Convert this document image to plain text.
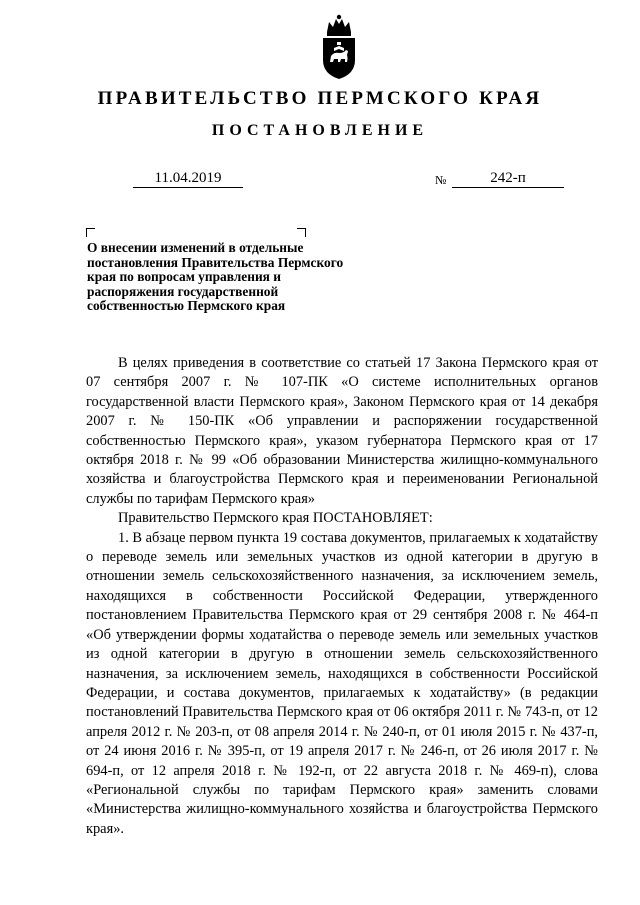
ПРАВИТЕЛЬСТВО ПЕРМСКОГО КРАЯ
ПОСТАНОВЛЕНИЕ
11.04.2019	№	242-п
О внесении изменений в отдельные постановления Правительства Пермского края по вопросам управления и распоряжения государственной собственностью Пермского края

В целях приведения в соответствие со статьей 17 Закона Пермского края от 07 сентября 2007 г. № 107-ПК «О системе исполнительных органов государственной власти Пермского края», Законом Пермского края от 14 декабря 2007 г. № 150-ПК «Об управлении и распоряжении государственной собственностью Пермского края», указом губернатора Пермского края от 17 октября 2018 г. № 99 «Об образовании Министерства жилищно-коммунального хозяйства и благоустройства Пермского края и переименовании Региональной службы по тарифам Пермского края»

Правительство Пермского края ПОСТАНОВЛЯЕТ:

1. В абзаце первом пункта 19 состава документов, прилагаемых к ходатайству о переводе земель или земельных участков из одной категории в другую в отношении земель сельскохозяйственного назначения, за исключением земель, находящихся в собственности Российской Федерации, утвержденного постановлением Правительства Пермского края от 29 сентября 2008 г. № 464-п «Об утверждении формы ходатайства о переводе земель или земельных участков из одной категории в другую в отношении земель сельскохозяйственного назначения, за исключением земель, находящихся в собственности Российской Федерации, и состава документов, прилагаемых к ходатайству» (в редакции постановлений Правительства Пермского края от 06 октября 2011 г. № 743-п, от 12 апреля 2012 г. № 203-п, от 08 апреля 2014 г. № 240-п, от 01 июля 2015 г. № 437-п, от 24 июня 2016 г. № 395-п, от 19 апреля 2017 г. № 246-п, от 26 июля 2017 г. № 694-п, от 12 апреля 2018 г. № 192-п, от 22 августа 2018 г. № 469-п), слова «Региональной службы по тарифам Пермского края» заменить словами «Министерства жилищно-коммунального хозяйства и благоустройства Пермского края».
